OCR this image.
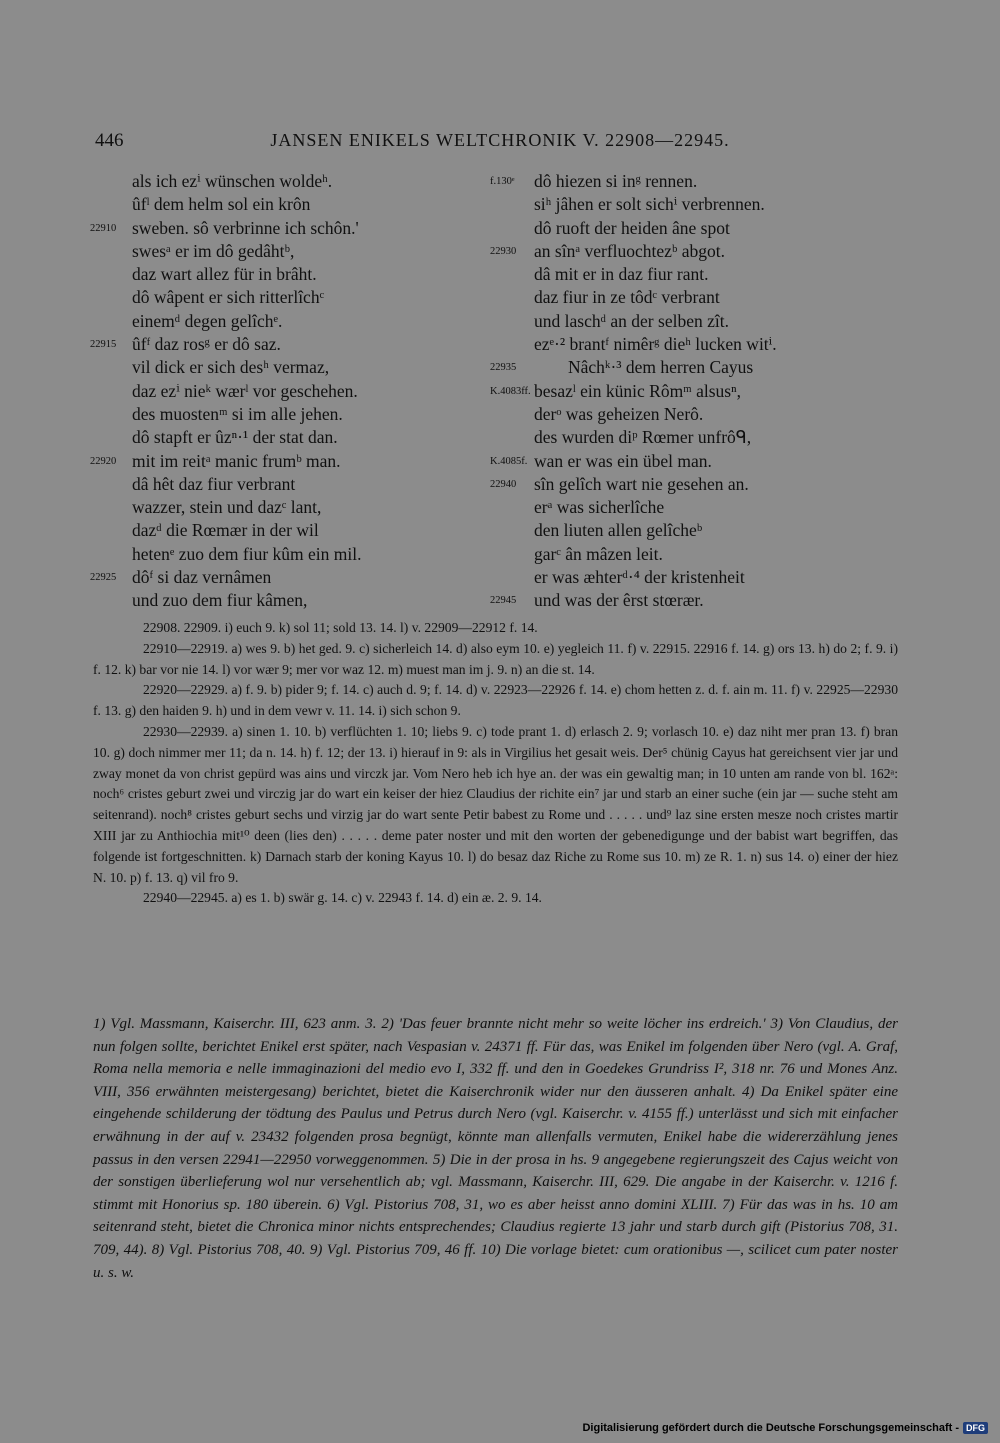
446	JANSEN ENIKELS WELTCHRONIK V. 22908—22945.
als ich ezⁱ wünschen woldeʰ.
ûfˡ dem helm sol ein krôn
22910 sweben. sô verbrinne ich schôn.'
swesᵃ er im dô gedâhtᵇ,
daz wart allez für in brâht.
dô wâpent er sich ritterlîchᶜ
einemᵈ degen gelîchᵉ.
22915 ûfᶠ daz rosᵍ er dô saz.
vil dick er sich desʰ vermaz,
daz ezⁱ nieᵏ wærˡ vor geschehen.
des muostenᵐ si im alle jehen.
dô stapft er ûzⁿ·¹ der stat dan.
22920 mit im reitᵃ manic frumᵇ man.
dâ hêt daz fiur verbrant
wazzer, stein und dazᶜ lant,
dazᵈ die Rœmær in der wil
hetenᵉ zuo dem fiur kûm ein mil.
22925 dôᶠ si daz vernâmen
und zuo dem fiur kâmen,
f.130ᵉ dô hiezen si inᵍ rennen.
siʰ jâhen er solt sichⁱ verbrennen.
dô ruoft der heiden âne spot
22930 an sînᵃ verfluochtezᵇ abgot.
dâ mit er in daz fiur rant.
daz fiur in ze tôdᶜ verbrant
und laschᵈ an der selben zît.
ezᵉ·² brantᶠ nimêrᵍ dieʰ lucken witⁱ.
22935	Nâchᵏ·³ dem herren Cayus
K.4083ff. besazˡ ein künic Rômᵐ alsusⁿ,
derᵒ was geheizen Nerô.
des wurden diᵖ Rœmer unfrôᑫ,
K.4085f. wan er was ein übel man.
22940 sîn gelîch wart nie gesehen an.
erᵃ was sicherlîche
den liuten allen gelîcheᵇ
garᶜ ân mâzen leit.
er was æhterᵈ·⁴ der kristenheit
22945 und was der êrst stœrær.

22908. 22909. i) euch 9. k) sol 11; sold 13. 14. l) v. 22909—22912 f. 14.

22910—22919. a) wes 9. b) het ged. 9. c) sicherleich 14. d) also eym 10. e) yegleich 11. f) v. 22915. 22916 f. 14. g) ors 13. h) do 2; f. 9. i) f. 12. k) bar vor nie 14. l) vor wær 9; mer vor waz 12. m) muest man im j. 9. n) an die st. 14.

22920—22929. a) f. 9. b) pider 9; f. 14. c) auch d. 9; f. 14. d) v. 22923—22926 f. 14. e) chom hetten z. d. f. ain m. 11. f) v. 22925—22930 f. 13. g) den haiden 9. h) und in dem vewr v. 11. 14. i) sich schon 9.

22930—22939. a) sinen 1. 10. b) verflüchten 1. 10; liebs 9. c) tode prant 1. d) erlasch 2. 9; vorlasch 10. e) daz niht mer pran 13. f) bran 10. g) doch nimmer mer 11; da n. 14. h) f. 12; der 13. i) hierauf in 9: als in Virgilius het gesait weis. Der⁵ chünig Cayus hat gereichsent vier jar und zway monet da von christ gepürd was ains und virczk jar. Vom Nero heb ich hye an. der was ein gewaltig man; in 10 unten am rande von bl. 162ᵃ: noch⁶ cristes geburt zwei und virczig jar do wart ein keiser der hiez Claudius der richite ein⁷ jar und starb an einer suche (ein jar — suche steht am seitenrand). noch⁸ cristes geburt sechs und virzig jar do wart sente Petir babest zu Rome und . . . . . und⁹ laz sine ersten mesze noch cristes martir XIII jar zu Anthiochia mit¹⁰ deen (lies den) . . . . . deme pater noster und mit den worten der gebenedigunge und der babist wart begriffen, das folgende ist fortgeschnitten. k) Darnach starb der koning Kayus 10. l) do besaz daz Riche zu Rome sus 10. m) ze R. 1. n) sus 14. o) einer der hiez N. 10. p) f. 13. q) vil fro 9.

22940—22945. a) es 1. b) swär g. 14. c) v. 22943 f. 14. d) ein æ. 2. 9. 14.

1) Vgl. Massmann, Kaiserchr. III, 623 anm. 3. 2) 'Das feuer brannte nicht mehr so weite löcher ins erdreich.' 3) Von Claudius, der nun folgen sollte, berichtet Enikel erst später, nach Vespasian v. 24371 ff. Für das, was Enikel im folgenden über Nero (vgl. A. Graf, Roma nella memoria e nelle immaginazioni del medio evo I, 332 ff. und den in Goedekes Grundriss I², 318 nr. 76 und Mones Anz. VIII, 356 erwähnten meistergesang) berichtet, bietet die Kaiserchronik wider nur den äusseren anhalt. 4) Da Enikel später eine eingehende schilderung der tödtung des Paulus und Petrus durch Nero (vgl. Kaiserchr. v. 4155 ff.) unterlässt und sich mit einfacher erwähnung in der auf v. 23432 folgenden prosa begnügt, könnte man allenfalls vermuten, Enikel habe die widererzählung jenes passus in den versen 22941—22950 vorweggenommen. 5) Die in der prosa in hs. 9 angegebene regierungszeit des Cajus weicht von der sonstigen überlieferung wol nur versehentlich ab; vgl. Massmann, Kaiserchr. III, 629. Die angabe in der Kaiserchr. v. 1216 f. stimmt mit Honorius sp. 180 überein. 6) Vgl. Pistorius 708, 31, wo es aber heisst anno domini XLIII. 7) Für das was in hs. 10 am seitenrand steht, bietet die Chronica minor nichts entsprechendes; Claudius regierte 13 jahr und starb durch gift (Pistorius 708, 31. 709, 44). 8) Vgl. Pistorius 708, 40. 9) Vgl. Pistorius 709, 46 ff. 10) Die vorlage bietet: cum orationibus —, scilicet cum pater noster u. s. w.

Digitalisierung gefördert durch die Deutsche Forschungsgemeinschaft - DFG
